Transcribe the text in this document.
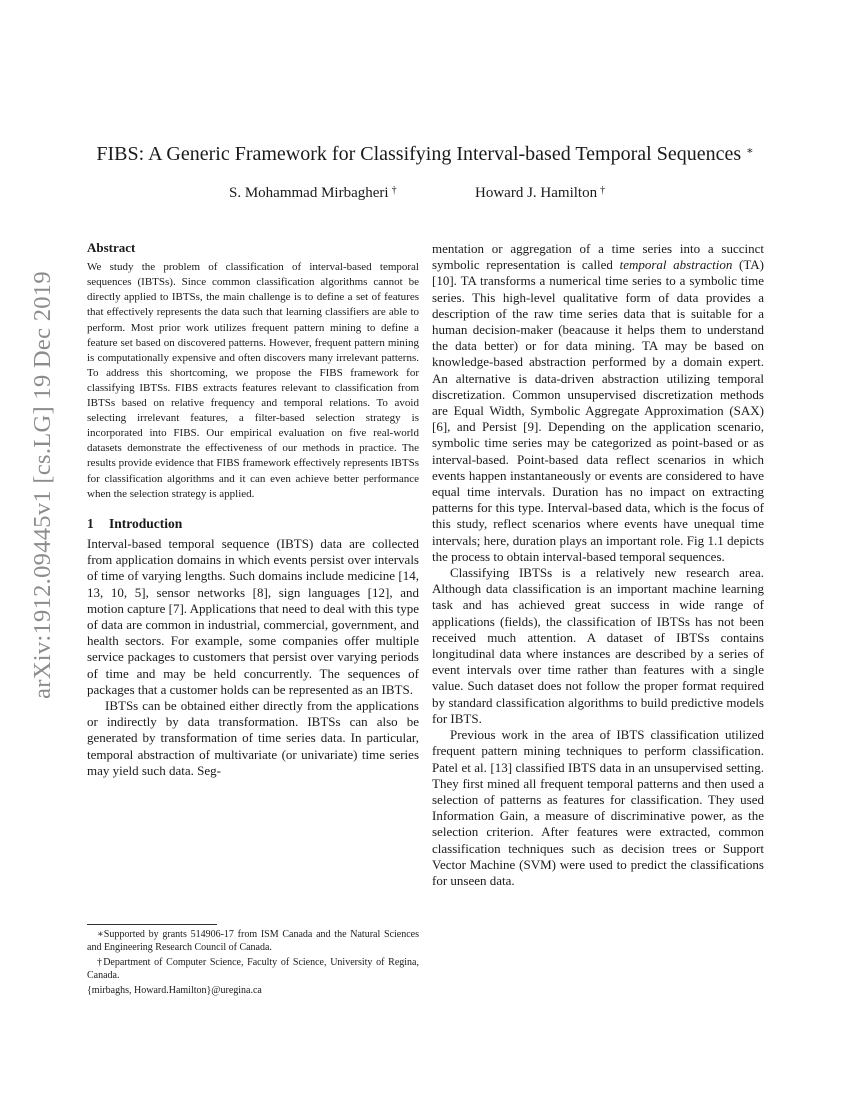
arXiv:1912.09445v1 [cs.LG] 19 Dec 2019
FIBS: A Generic Framework for Classifying Interval-based Temporal Sequences ∗
S. Mohammad Mirbagheri †	Howard J. Hamilton †
Abstract

We study the problem of classification of interval-based temporal sequences (IBTSs). Since common classification algorithms cannot be directly applied to IBTSs, the main challenge is to define a set of features that effectively represents the data such that learning classifiers are able to perform. Most prior work utilizes frequent pattern mining to define a feature set based on discovered patterns. However, frequent pattern mining is computationally expensive and often discovers many irrelevant patterns. To address this shortcoming, we propose the FIBS framework for classifying IBTSs. FIBS extracts features relevant to classification from IBTSs based on relative frequency and temporal relations. To avoid selecting irrelevant features, a filter-based selection strategy is incorporated into FIBS. Our empirical evaluation on five real-world datasets demonstrate the effectiveness of our methods in practice. The results provide evidence that FIBS framework effectively represents IBTSs for classification algorithms and it can even achieve better performance when the selection strategy is applied.

1 Introduction

Interval-based temporal sequence (IBTS) data are collected from application domains in which events persist over intervals of time of varying lengths. Such domains include medicine [14, 13, 10, 5], sensor networks [8], sign languages [12], and motion capture [7]. Applications that need to deal with this type of data are common in industrial, commercial, government, and health sectors. For example, some companies offer multiple service packages to customers that persist over varying periods of time and may be held concurrently. The sequences of packages that a customer holds can be represented as an IBTS.

IBTSs can be obtained either directly from the applications or indirectly by data transformation. IBTSs can also be generated by transformation of time series data. In particular, temporal abstraction of multivariate (or univariate) time series may yield such data. Seg-

∗Supported by grants 514906-17 from ISM Canada and the Natural Sciences and Engineering Research Council of Canada.

†Department of Computer Science, Faculty of Science, University of Regina, Canada.

{mirbaghs, Howard.Hamilton}@uregina.ca

mentation or aggregation of a time series into a succinct symbolic representation is called temporal abstraction (TA) [10]. TA transforms a numerical time series to a symbolic time series. This high-level qualitative form of data provides a description of the raw time series data that is suitable for a human decision-maker (beacause it helps them to understand the data better) or for data mining. TA may be based on knowledge-based abstraction performed by a domain expert. An alternative is data-driven abstraction utilizing temporal discretization. Common unsupervised discretization methods are Equal Width, Symbolic Aggregate Approximation (SAX) [6], and Persist [9]. Depending on the application scenario, symbolic time series may be categorized as point-based or as interval-based. Point-based data reflect scenarios in which events happen instantaneously or events are considered to have equal time intervals. Duration has no impact on extracting patterns for this type. Interval-based data, which is the focus of this study, reflect scenarios where events have unequal time intervals; here, duration plays an important role. Fig 1.1 depicts the process to obtain interval-based temporal sequences.

Classifying IBTSs is a relatively new research area. Although data classification is an important machine learning task and has achieved great success in wide range of applications (fields), the classification of IBTSs has not been received much attention. A dataset of IBTSs contains longitudinal data where instances are described by a series of event intervals over time rather than features with a single value. Such dataset does not follow the proper format required by standard classification algorithms to build predictive models for IBTS.

Previous work in the area of IBTS classification utilized frequent pattern mining techniques to perform classification. Patel et al. [13] classified IBTS data in an unsupervised setting. They first mined all frequent temporal patterns and then used a selection of patterns as features for classification. They used Information Gain, a measure of discriminative power, as the selection criterion. After features were extracted, common classification techniques such as decision trees or Support Vector Machine (SVM) were used to predict the classifications for unseen data.
